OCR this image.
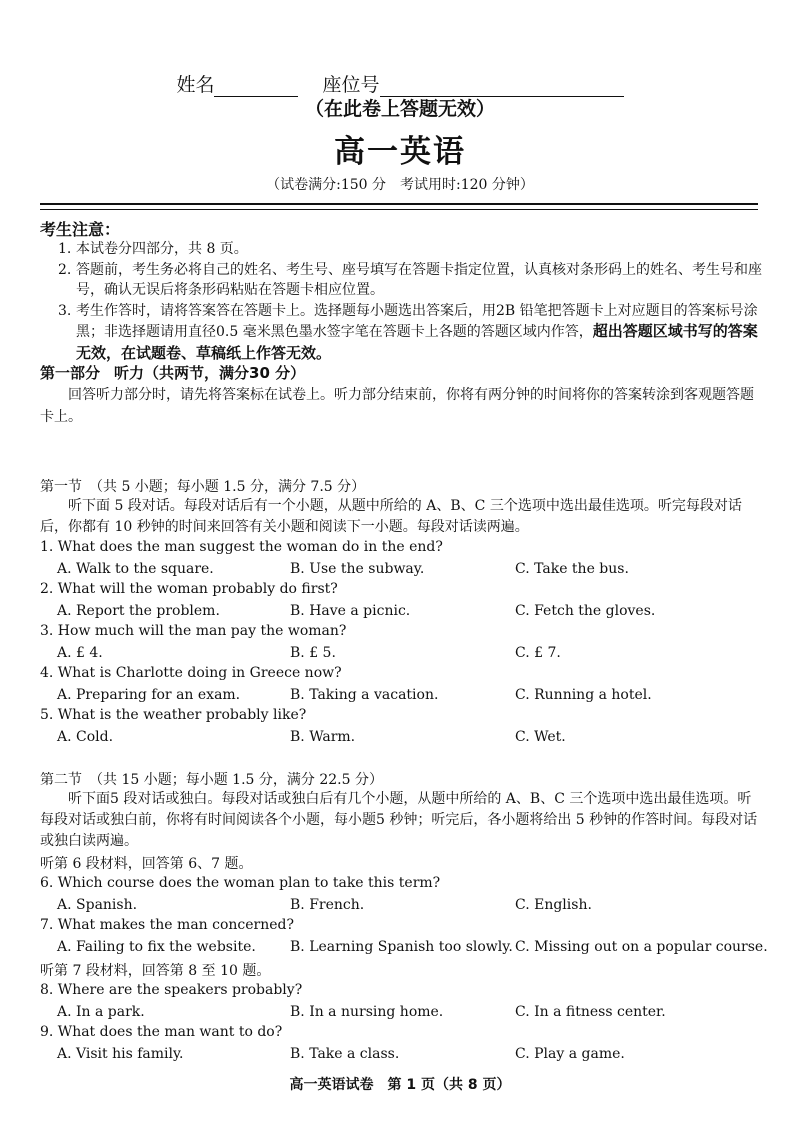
姓名	座位号
（在此卷上答题无效）
高一英语
（试卷满分:150 分　考试用时:120 分钟）
考生注意：
1. 本试卷分四部分，共 8 页。
2. 答题前，考生务必将自己的姓名、考生号、座号填写在答题卡指定位置，认真核对条形码上的姓名、考生号和座号，确认无误后将条形码粘贴在答题卡相应位置。
3. 考生作答时，请将答案答在答题卡上。选择题每小题选出答案后，用2B 铅笔把答题卡上对应题目的答案标号涂黑；非选择题请用直径0.5 毫米黑色墨水签字笔在答题卡上各题的答题区域内作答，超出答题区域书写的答案无效，在试题卷、草稿纸上作答无效。
第一部分 听力（共两节，满分30 分）
回答听力部分时，请先将答案标在试卷上。听力部分结束前，你将有两分钟的时间将你的答案转涂到客观题答题卡上。
第一节　（共 5 小题；每小题 1.5 分，满分 7.5 分）
听下面 5 段对话。每段对话后有一个小题，从题中所给的 A、B、C 三个选项中选出最佳选项。听完每段对话后，你都有 10 秒钟的时间来回答有关小题和阅读下一小题。每段对话读两遍。
1. What does the man suggest the woman do in the end?
A. Walk to the square.	B. Use the subway.	C. Take the bus.
2. What will the woman probably do first?
A. Report the problem.	B. Have a picnic.	C. Fetch the gloves.
3. How much will the man pay the woman?
A. £ 4.	B. £ 5.	C. £ 7.
4. What is Charlotte doing in Greece now?
A. Preparing for an exam.	B. Taking a vacation.	C. Running a hotel.
5. What is the weather probably like?
A. Cold.	B. Warm.	C. Wet.
第二节　（共 15 小题；每小题 1.5 分，满分 22.5 分）
听下面5 段对话或独白。每段对话或独白后有几个小题，从题中所给的 A、B、C 三个选项中选出最佳选项。听每段对话或独白前，你将有时间阅读各个小题，每小题5 秒钟；听完后，各小题将给出 5 秒钟的作答时间。每段对话或独白读两遍。
听第 6 段材料，回答第 6、7 题。
6. Which course does the woman plan to take this term?
A. Spanish.	B. French.	C. English.
7. What makes the man concerned?
A. Failing to fix the website. B. Learning Spanish too slowly. C. Missing out on a popular course.
听第 7 段材料，回答第 8 至 10 题。
8. Where are the speakers probably?
A. In a park.	B. In a nursing home.	C. In a fitness center.
9. What does the man want to do?
A. Visit his family.	B. Take a class.	C. Play a game.
高一英语试卷　第 1 页（共 8 页）
